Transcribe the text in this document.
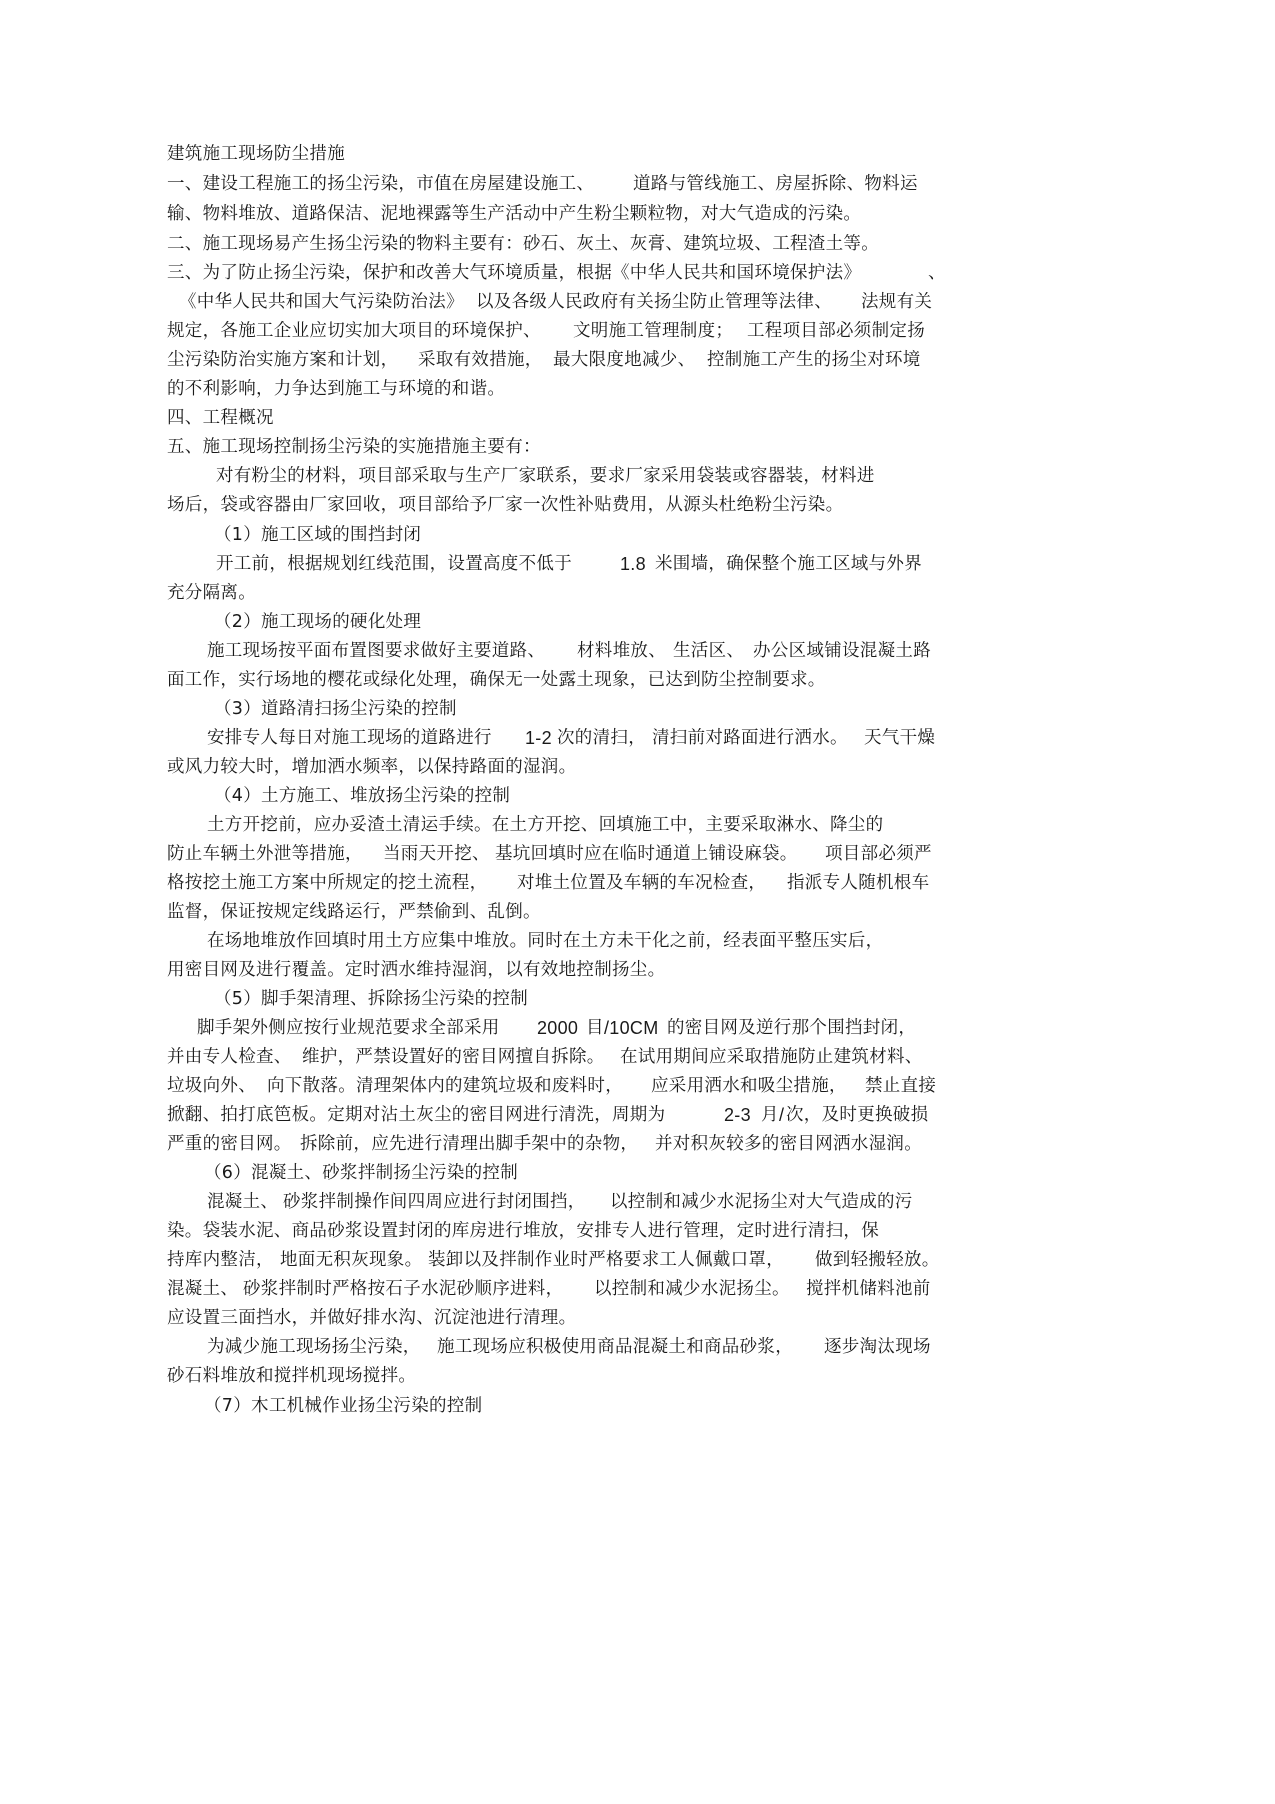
建筑施工现场防尘措施
一、建设工程施工的扬尘污染，市值在房屋建设施工、 道路与管线施工、房屋拆除、物料运
输、物料堆放、道路保洁、泥地裸露等生产活动中产生粉尘颗粒物，对大气造成的污染。
二、施工现场易产生扬尘污染的物料主要有：砂石、灰土、灰膏、建筑垃圾、工程渣土等。
三、为了防止扬尘污染，保护和改善大气环境质量，根据《中华人民共和国环境保护法》	、
《中华人民共和国大气污染防治法》 以及各级人民政府有关扬尘防止管理等法律、 法规有关
规定，各施工企业应切实加大项目的环境保护、 文明施工管理制度； 工程项目部必须制定扬
尘污染防治实施方案和计划， 采取有效措施， 最大限度地减少、 控制施工产生的扬尘对环境
的不利影响，力争达到施工与环境的和谐。
四、工程概况
五、施工现场控制扬尘污染的实施措施主要有：
对有粉尘的材料，项目部采取与生产厂家联系，要求厂家采用袋装或容器装，材料进
场后，袋或容器由厂家回收，项目部给予厂家一次性补贴费用，从源头杜绝粉尘污染。
（1）施工区域的围挡封闭
开工前，根据规划红线范围，设置高度不低于	1.8 米围墙，确保整个施工区域与外界
充分隔离。
（2）施工现场的硬化处理
施工现场按平面布置图要求做好主要道路、 材料堆放、 生活区、 办公区域铺设混凝土路
面工作，实行场地的樱花或绿化处理，确保无一处露土现象，已达到防尘控制要求。
（3）道路清扫扬尘污染的控制
安排专人每日对施工现场的道路进行 1-2 次的清扫， 清扫前对路面进行洒水。 天气干燥
或风力较大时，增加洒水频率，以保持路面的湿润。
（4）土方施工、堆放扬尘污染的控制
土方开挖前，应办妥渣土清运手续。在土方开挖、回填施工中，主要采取淋水、降尘的
防止车辆土外泄等措施， 当雨天开挖、 基坑回填时应在临时通道上铺设麻袋。 项目部必须严
格按挖土施工方案中所规定的挖土流程， 对堆土位置及车辆的车况检查， 指派专人随机根车
监督，保证按规定线路运行，严禁偷到、乱倒。
在场地堆放作回填时用土方应集中堆放。同时在土方未干化之前，经表面平整压实后，
用密目网及进行覆盖。定时洒水维持湿润，以有效地控制扬尘。
（5）脚手架清理、拆除扬尘污染的控制
脚手架外侧应按行业规范要求全部采用 2000 目 /10CM 的密目网及逆行那个围挡封闭，
并由专人检查、 维护，严禁设置好的密目网擅自拆除。 在试用期间应采取措施防止建筑材料、
垃圾向外、 向下散落。清理架体内的建筑垃圾和废料时， 应采用洒水和吸尘措施， 禁止直接
掀翻、拍打底笆板。定期对沾土灰尘的密目网进行清洗，周期为	2-3 月 / 次，及时更换破损
严重的密目网。 拆除前，应先进行清理出脚手架中的杂物， 并对积灰较多的密目网洒水湿润。
（6）混凝土、砂浆拌制扬尘污染的控制
混凝土、 砂浆拌制操作间四周应进行封闭围挡， 以控制和减少水泥扬尘对大气造成的污
染。袋装水泥、商品砂浆设置封闭的库房进行堆放，安排专人进行管理，定时进行清扫，保
持库内整洁， 地面无积灰现象。 装卸以及拌制作业时严格要求工人佩戴口罩， 做到轻搬轻放。
混凝土、 砂浆拌制时严格按石子水泥砂顺序进料， 以控制和减少水泥扬尘。 搅拌机储料池前
应设置三面挡水，并做好排水沟、沉淀池进行清理。
为减少施工现场扬尘污染， 施工现场应积极使用商品混凝土和商品砂浆， 逐步淘汰现场
砂石料堆放和搅拌机现场搅拌。
（7）木工机械作业扬尘污染的控制
